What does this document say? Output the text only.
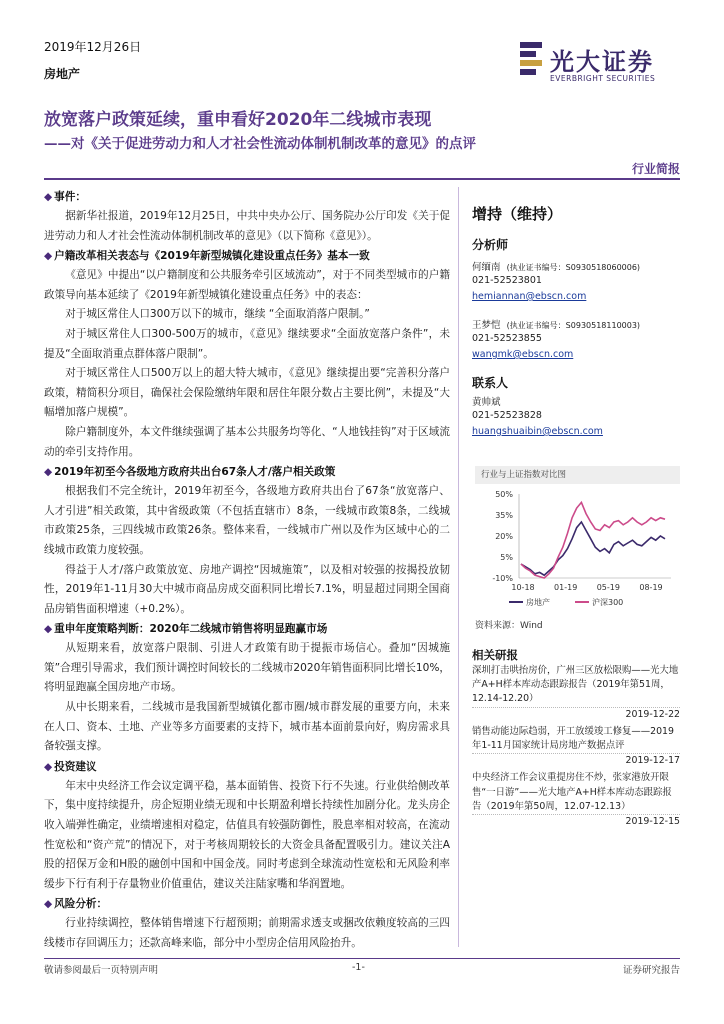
2019年12月26日
房地产	光大证券
EVERBRIGHT SECURITIES
放宽落户政策延续，重申看好2020年二线城市表现
——对《关于促进劳动力和人才社会性流动体制机制改革的意见》的点评
行业简报
◆ 事件：
据新华社报道，2019年12月25日，中共中央办公厅、国务院办公厅印发《关于促进劳动力和人才社会性流动体制机制改革的意见》（以下简称《意见》）。
◆ 户籍改革相关表态与《2019年新型城镇化建设重点任务》基本一致
《意见》中提出“以户籍制度和公共服务牵引区域流动”，对于不同类型城市的户籍政策导向基本延续了《2019年新型城镇化建设重点任务》中的表态：
对于城区常住人口300万以下的城市，继续 “全面取消落户限制。”
对于城区常住人口300-500万的城市，《意见》继续要求“全面放宽落户条件”，未提及“全面取消重点群体落户限制”。
对于城区常住人口500万以上的超大特大城市，《意见》继续提出要“完善积分落户政策，精简积分项目，确保社会保险缴纳年限和居住年限分数占主要比例”，未提及“大幅增加落户规模”。
除户籍制度外，本文件继续强调了基本公共服务均等化、“人地钱挂钩”对于区域流动的牵引支持作用。
◆ 2019年初至今各级地方政府共出台67条人才/落户相关政策
根据我们不完全统计，2019年初至今，各级地方政府共出台了67条“放宽落户、人才引进”相关政策，其中省级政策（不包括直辖市）8条，一线城市政策8条，二线城市政策25条，三四线城市政策26条。整体来看，一线城市广州以及作为区域中心的二线城市政策力度较强。
得益于人才/落户政策放宽、房地产调控“因城施策”，以及相对较强的按揭投放韧性，2019年1-11月30大中城市商品房成交面积同比增长7.1%，明显超过同期全国商品房销售面积增速（+0.2%）。
◆ 重申年度策略判断：2020年二线城市销售将明显跑赢市场
从短期来看，放宽落户限制、引进人才政策有助于提振市场信心。叠加“因城施策”合理引导需求，我们预计调控时间较长的二线城市2020年销售面积同比增长10%，将明显跑赢全国房地产市场。
从中长期来看，二线城市是我国新型城镇化都市圈/城市群发展的重要方向，未来在人口、资本、土地、产业等多方面要素的支持下，城市基本面前景向好，购房需求具备较强支撑。
◆ 投资建议
年末中央经济工作会议定调平稳，基本面销售、投资下行不失速。行业供给侧改革下，集中度持续提升，房企短期业绩无现和中长期盈利增长持续性加剧分化。龙头房企收入端弹性确定，业绩增速相对稳定，估值具有较强防御性，股息率相对较高，在流动性宽松和“资产荒”的情况下，对于考核周期较长的大资金具备配置吸引力。建议关注A股的招保万金和H股的融创中国和中国金茂。同时考虑到全球流动性宽松和无风险利率缓步下行有利于存量物业价值重估，建议关注陆家嘴和华润置地。
◆ 风险分析：
行业持续调控，整体销售增速下行超预期；前期需求透支或捆改依赖度较高的三四线楼市存回调压力；还款高峰来临，部分中小型房企信用风险抬升。
增持（维持）
分析师
何缅南 (执业证书编号：S0930518060006)
021-52523801
hemiannan@ebscn.com
王梦恺 (执业证书编号：S0930518110003)
021-52523855
wangmk@ebscn.com
联系人
黄帅斌
021-52523828
huangshuaibin@ebscn.com
行业与上证指数对比图
50%
35%
20%
5%
-10%
10-18 01-19 05-19 08-19
房地产	沪深300
资料来源：Wind
相关研报
深圳打击哄抬房价，广州三区放松限购——光大地产A+H样本库动态跟踪报告（2019年第51周，12.14-12.20）
2019-12-22
销售动能边际趋弱，开工放缓竣工修复——2019年1-11月国家统计局房地产数据点评
2019-12-17
中央经济工作会议重提房住不炒，张家港放开限售“一日游”——光大地产A+H样本库动态跟踪报告（2019年第50周，12.07-12.13）
2019-12-15
敬请参阅最后一页特别声明	-1-	证券研究报告
